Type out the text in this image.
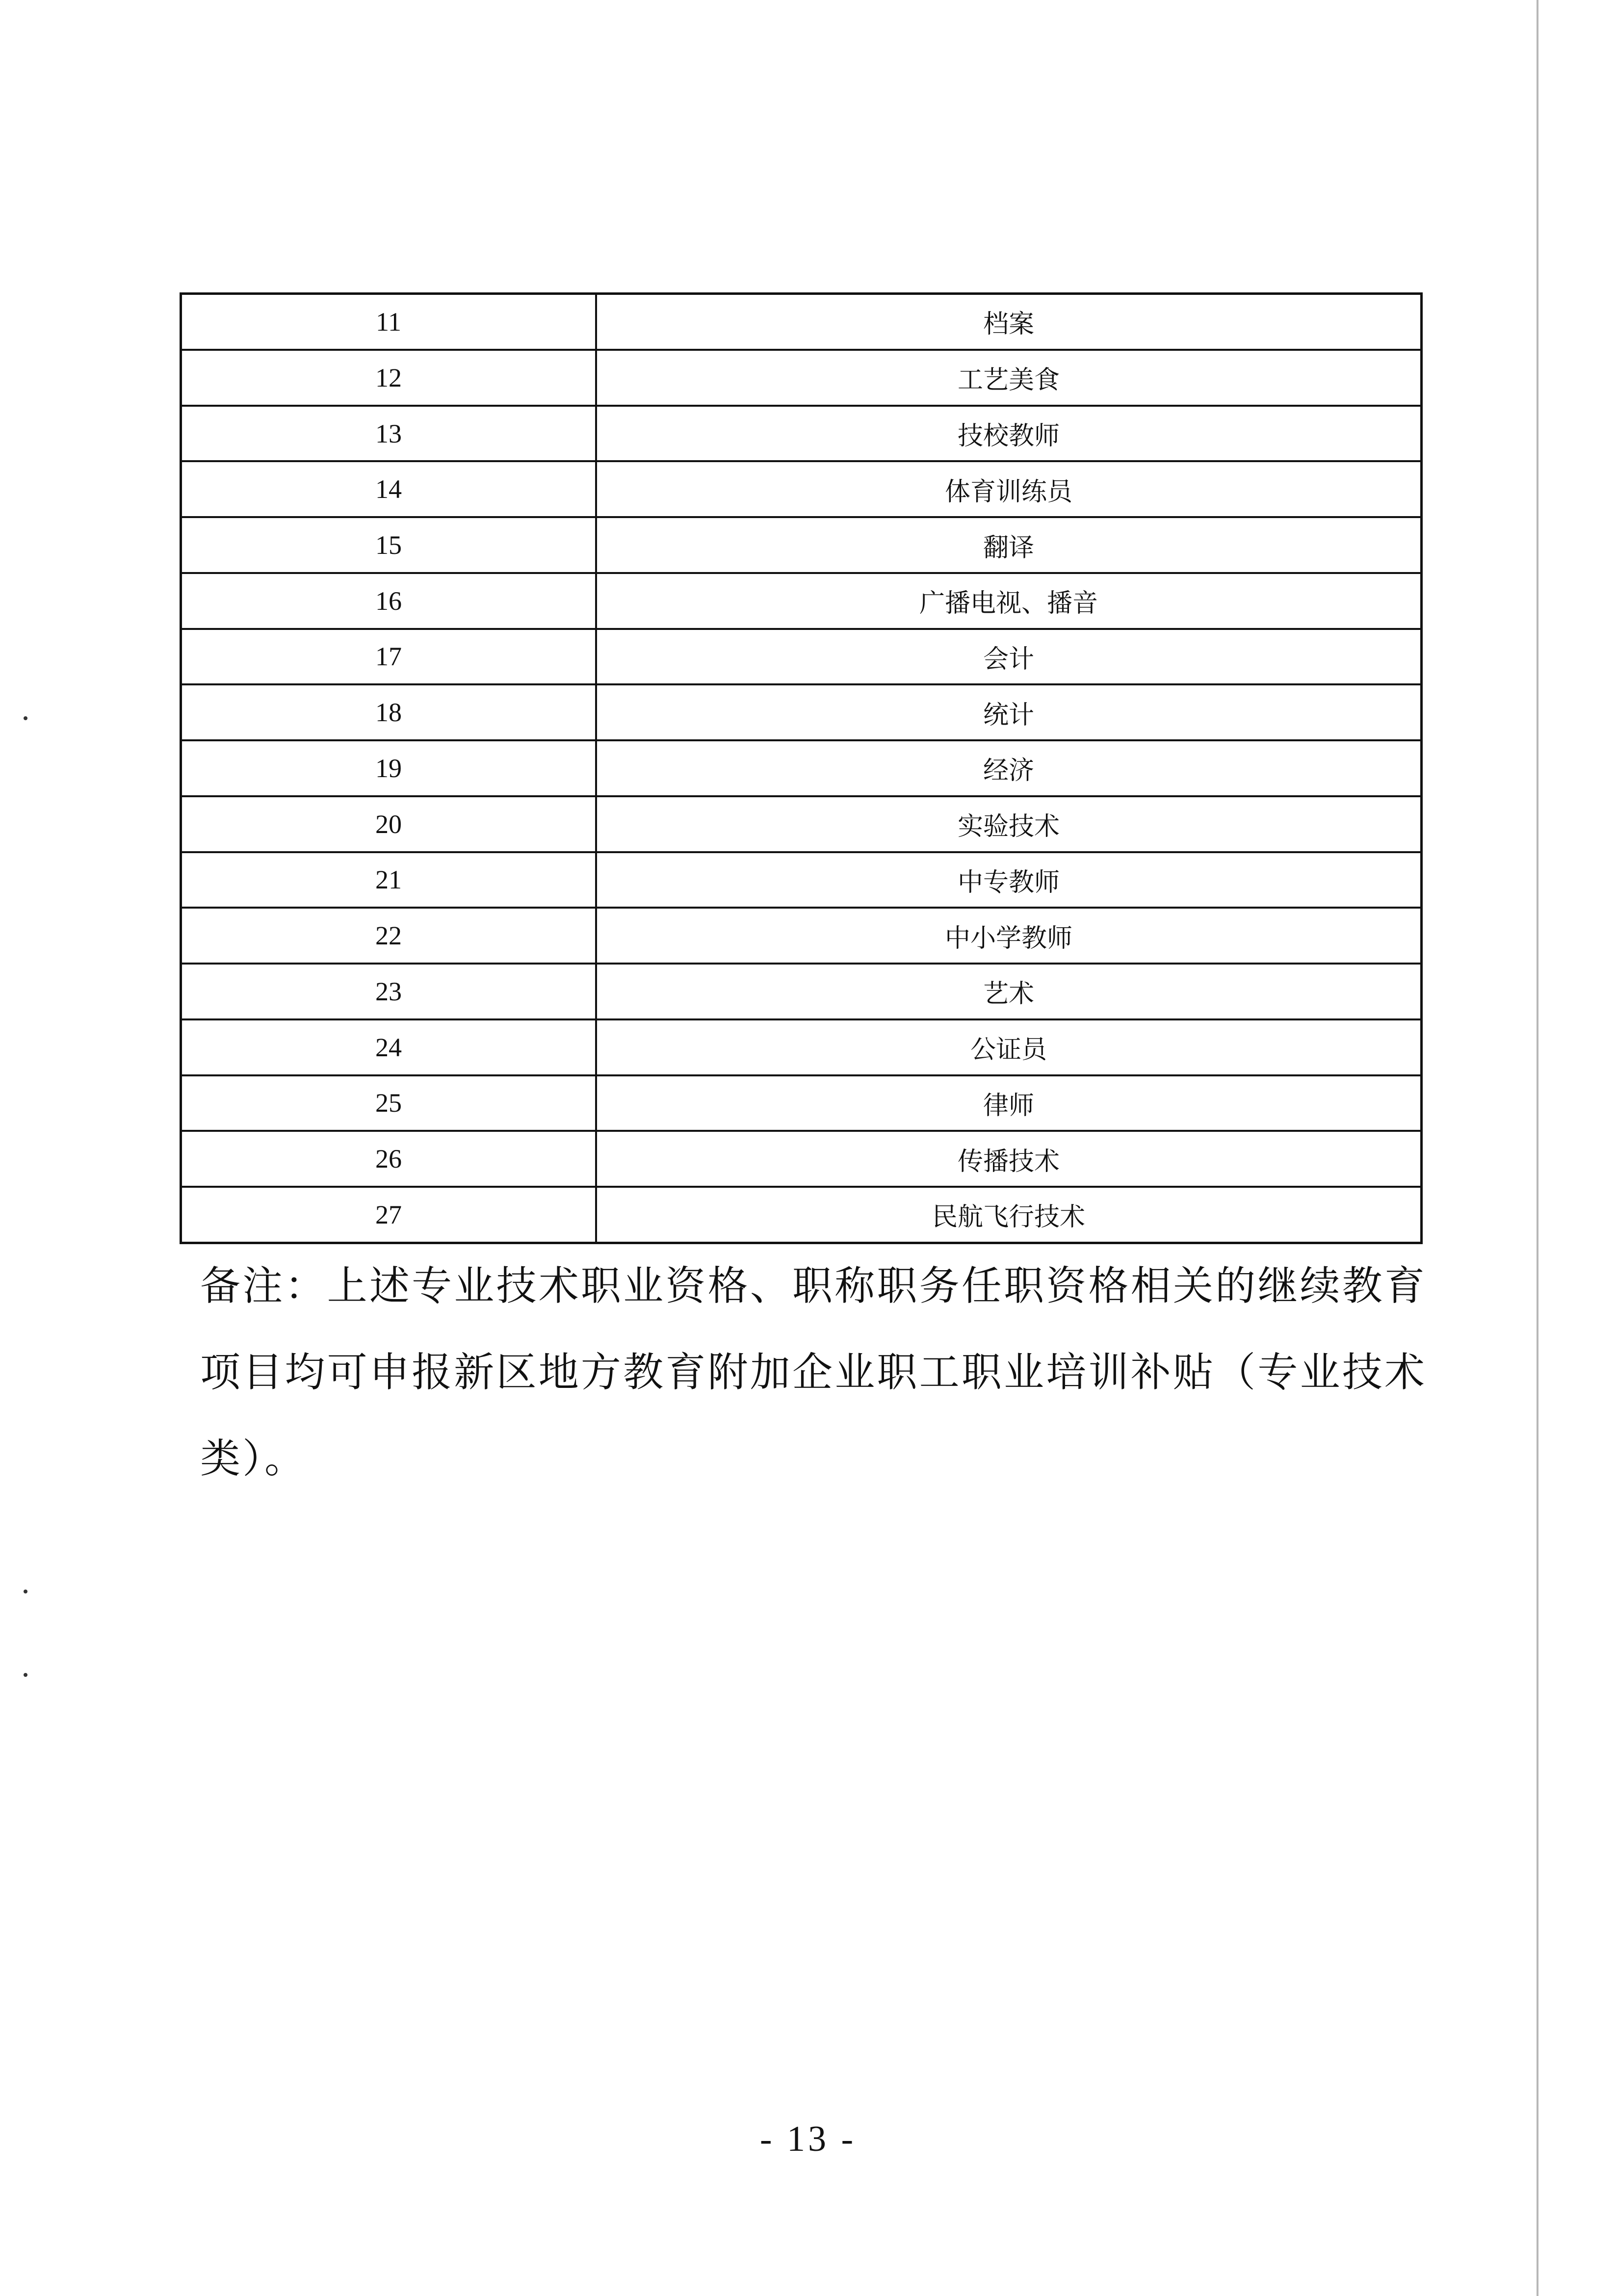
11	档案
12	工艺美食
13	技校教师
14	体育训练员
15	翻译
16	广播电视、播音
17	会计
18	统计
19	经济
20	实验技术
21	中专教师
22	中小学教师
23	艺术
24	公证员
25	律师
26	传播技术
27	民航飞行技术

备注：上述专业技术职业资格、职称职务任职资格相关的继续教育项目均可申报新区地方教育附加企业职工职业培训补贴（专业技术类）。

- 13 -
